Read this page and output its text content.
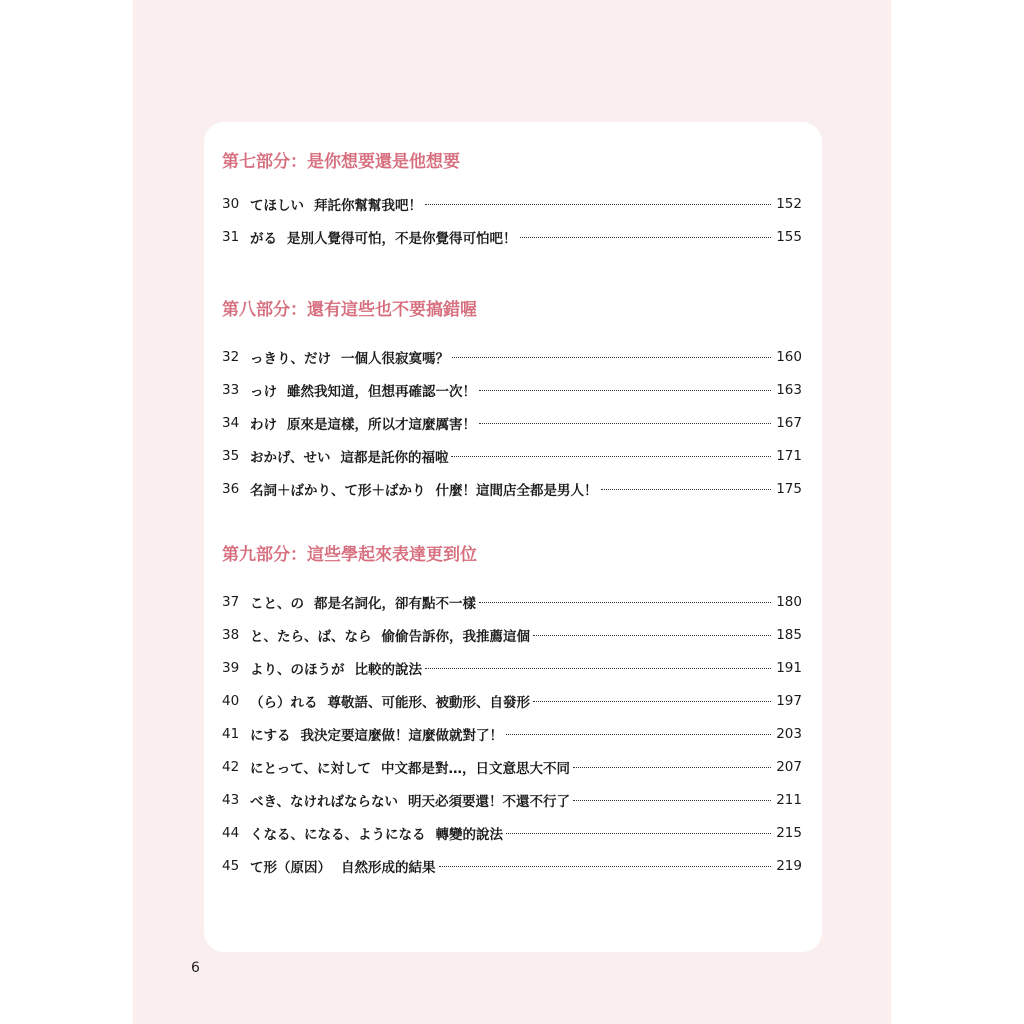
第七部分：是你想要還是他想要
30 てほしい 拜託你幫幫我吧！	152
31 がる 是別人覺得可怕，不是你覺得可怕吧！	155
第八部分：還有這些也不要搞錯喔
32 っきり、だけ 一個人很寂寞嗎？	160
33 っけ 雖然我知道，但想再確認一次！	163
34 わけ 原來是這樣，所以才這麼厲害！	167
35 おかげ、せい 這都是託你的福啦	171
36 名詞＋ばかり、て形＋ばかり 什麼！這間店全都是男人！	175
第九部分：這些學起來表達更到位
37 こと、の 都是名詞化，卻有點不一樣	180
38 と、たら、ば、なら 偷偷告訴你，我推薦這個	185
39 より、のほうが 比較的說法	191
40 （ら）れる 尊敬語、可能形、被動形、自發形	197
41 にする 我決定要這麼做！這麼做就對了！	203
42 にとって、に対して 中文都是對…，日文意思大不同	207
43 べき、なければならない 明天必須要還！不還不行了	211
44 くなる、になる、ようになる 轉變的說法	215
45 て形（原因） 自然形成的結果	219
6
